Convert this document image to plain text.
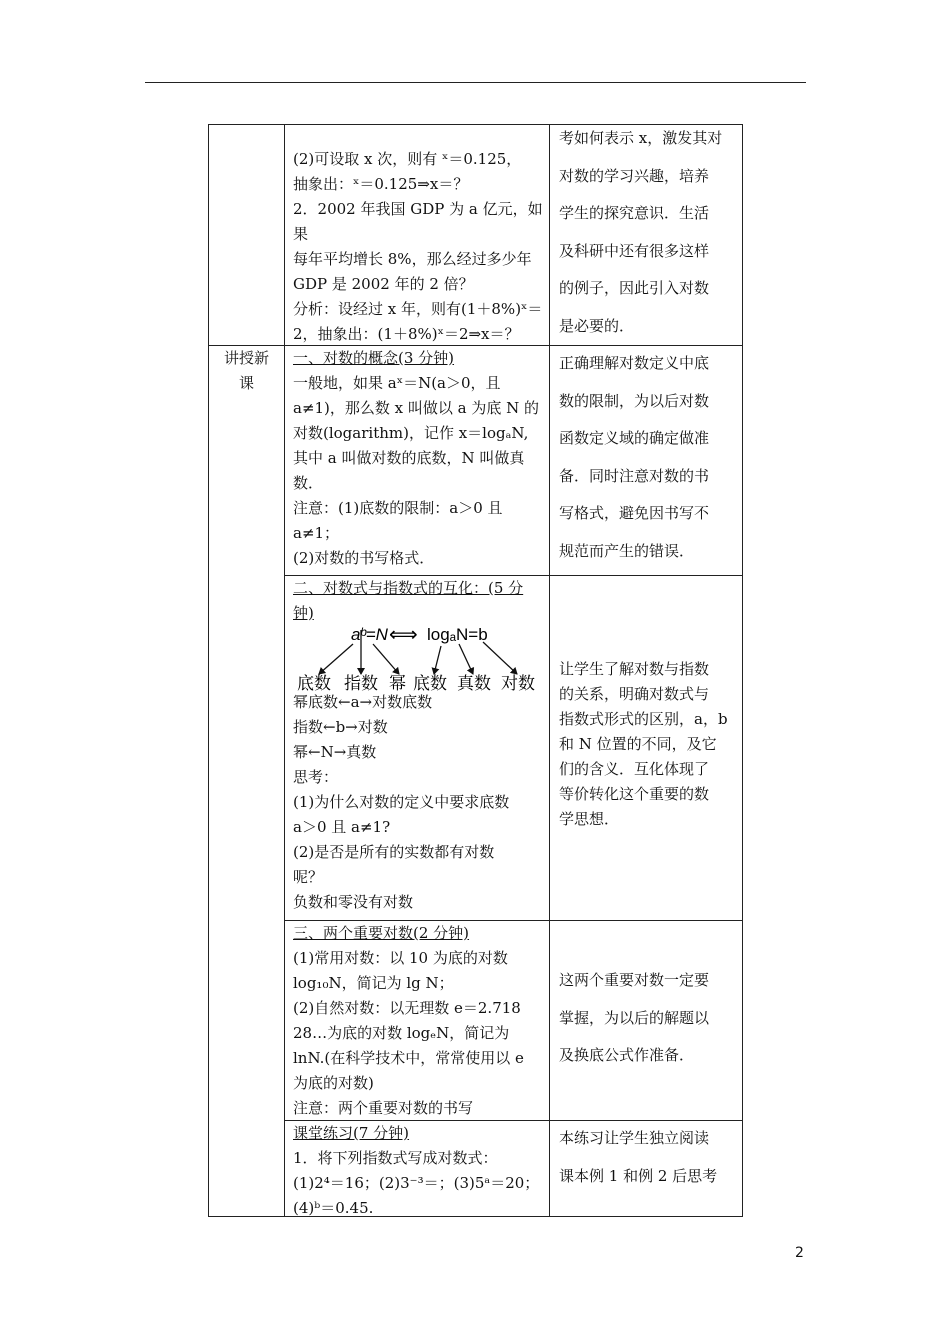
(2)可设取 x 次，则有 ˣ＝0.125，

抽象出：ˣ＝0.125⇒x＝？

2．2002 年我国 GDP 为 a 亿元，如果

每年平均增长 8%，那么经过多少年

GDP 是 2002 年的 2 倍？

分析：设经过 x 年，则有(1＋8%)ˣ＝

2，抽象出：(1＋8%)ˣ＝2⇒x＝？

考如何表示 x，激发其对

对数的学习兴趣，培养

学生的探究意识．生活

及科研中还有很多这样

的例子，因此引入对数

是必要的．

讲授新

课

一、对数的概念(3 分钟)

一般地，如果 aˣ＝N(a＞0，且

a≠1)，那么数 x 叫做以 a 为底 N 的

对数(logarithm)，记作 x＝logₐN,

其中 a 叫做对数的底数，N 叫做真

数．

注意：(1)底数的限制：a＞0 且

a≠1；

(2)对数的书写格式．

正确理解对数定义中底

数的限制，为以后对数

函数定义域的确定做准

备．同时注意对数的书

写格式，避免因书写不

规范而产生的错误．

二、对数式与指数式的互化：(5 分

钟)

aᵇ=N ⟺ logₐN=b
底数 指数 幂 底数 真数 对数

幂底数←a→对数底数

指数←b→对数

幂←N→真数

思考：

(1)为什么对数的定义中要求底数

a＞0 且 a≠1?

(2)是否是所有的实数都有对数

呢？

负数和零没有对数

让学生了解对数与指数

的关系，明确对数式与

指数式形式的区别，a，b

和 N 位置的不同，及它

们的含义．互化体现了

等价转化这个重要的数

学思想．

三、两个重要对数(2 分钟)

(1)常用对数：以 10 为底的对数

log₁₀N，简记为 lg N；

(2)自然对数：以无理数 e＝2.718

28…为底的对数 logₑN，简记为

lnN.(在科学技术中，常常使用以 e

为底的对数)

注意：两个重要对数的书写

这两个重要对数一定要

掌握，为以后的解题以

及换底公式作准备．

课堂练习(7 分钟)

1．将下列指数式写成对数式：

(1)2⁴＝16；(2)3⁻³＝；(3)5ᵃ＝20；

(4)ᵇ＝0.45.

本练习让学生独立阅读

课本例 1 和例 2 后思考

2
